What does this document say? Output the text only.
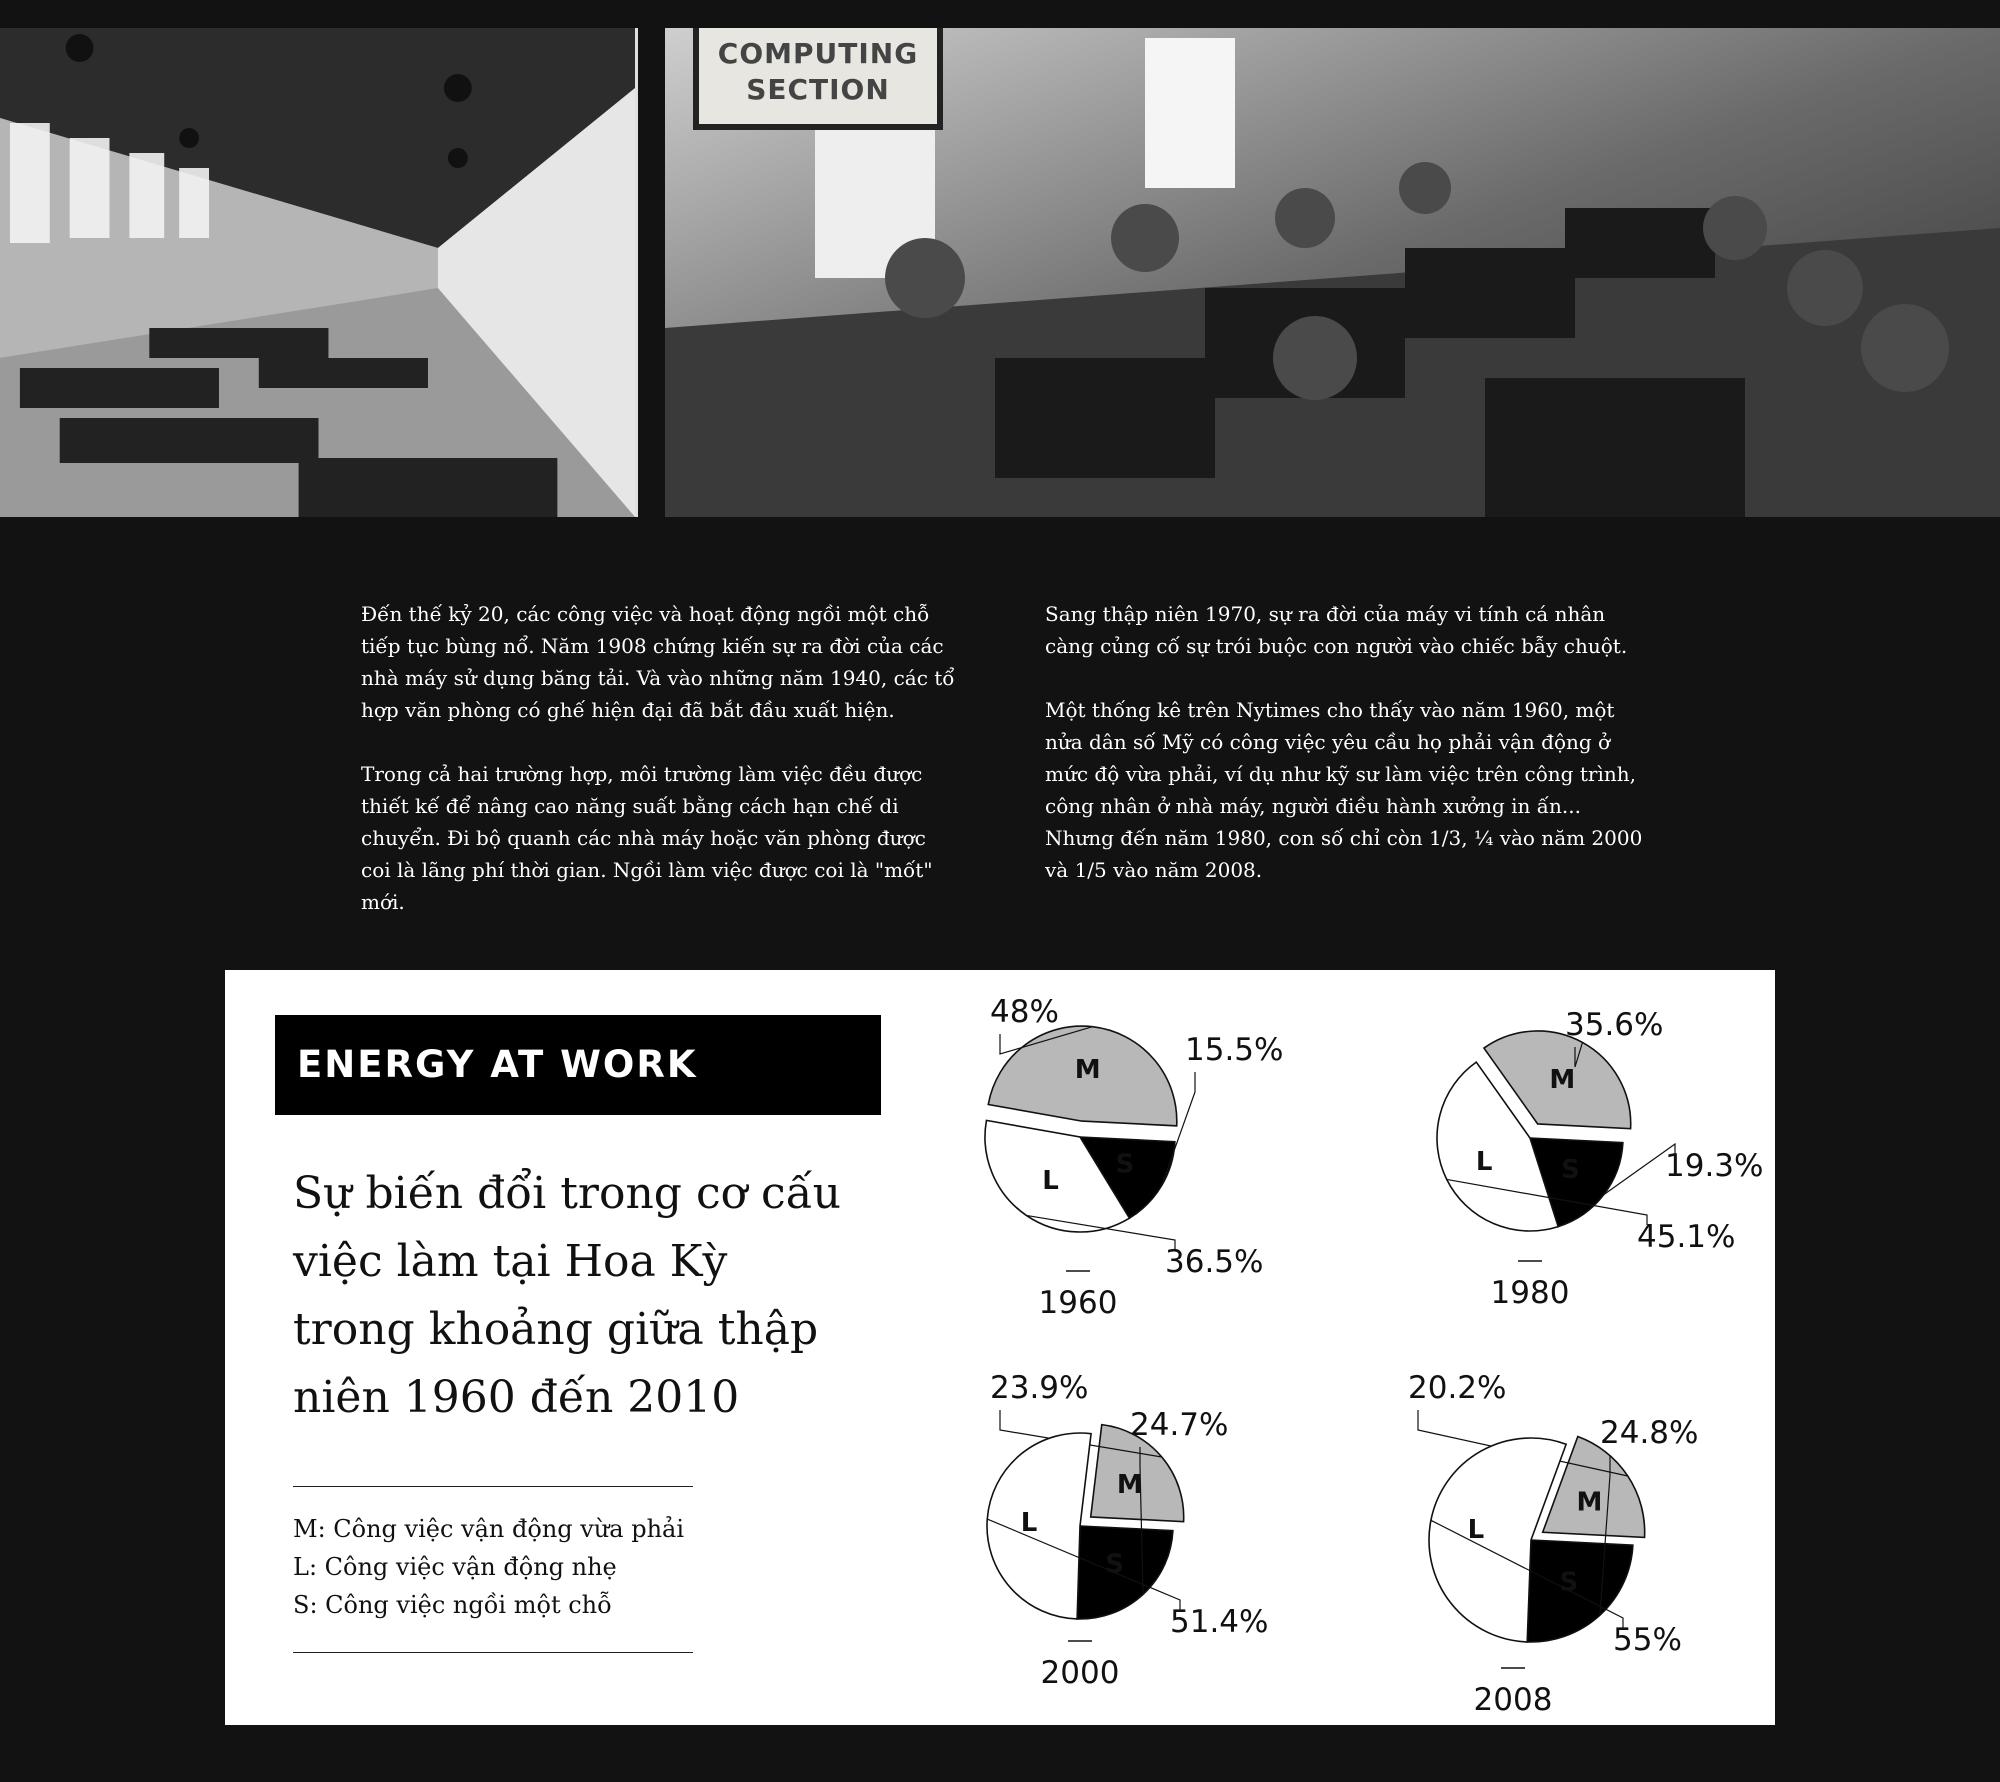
COMPUTING
SECTION

Đến thế kỷ 20, các công việc và hoạt động ngồi một chỗ tiếp tục bùng nổ. Năm 1908 chứng kiến sự ra đời của các nhà máy sử dụng băng tải. Và vào những năm 1940, các tổ hợp văn phòng có ghế hiện đại đã bắt đầu xuất hiện.

Trong cả hai trường hợp, môi trường làm việc đều được thiết kế để nâng cao năng suất bằng cách hạn chế di chuyển. Đi bộ quanh các nhà máy hoặc văn phòng được coi là lãng phí thời gian. Ngồi làm việc được coi là "mốt" mới.

Sang thập niên 1970, sự ra đời của máy vi tính cá nhân càng củng cố sự trói buộc con người vào chiếc bẫy chuột.

Một thống kê trên Nytimes cho thấy vào năm 1960, một nửa dân số Mỹ có công việc yêu cầu họ phải vận động ở mức độ vừa phải, ví dụ như kỹ sư làm việc trên công trình, công nhân ở nhà máy, người điều hành xưởng in ấn... Nhưng đến năm 1980, con số chỉ còn 1/3, ¼ vào năm 2000 và 1/5 vào năm 2008.

ENERGY AT WORK
Sự biến đổi trong cơ cấu việc làm tại Hoa Kỳ trong khoảng giữa thập niên 1960 đến 2010
M: Công việc vận động vừa phải
L: Công việc vận động nhẹ
S: Công việc ngồi một chỗ
M
48%
S
15.5%
L
36.5%
1960
M
35.6%
S	19.3%
L
45.1%
1980
M
23.9%
S
24.7%
L
51.4%
2000
M
20.2%
S
24.8%
L
55%
2008
